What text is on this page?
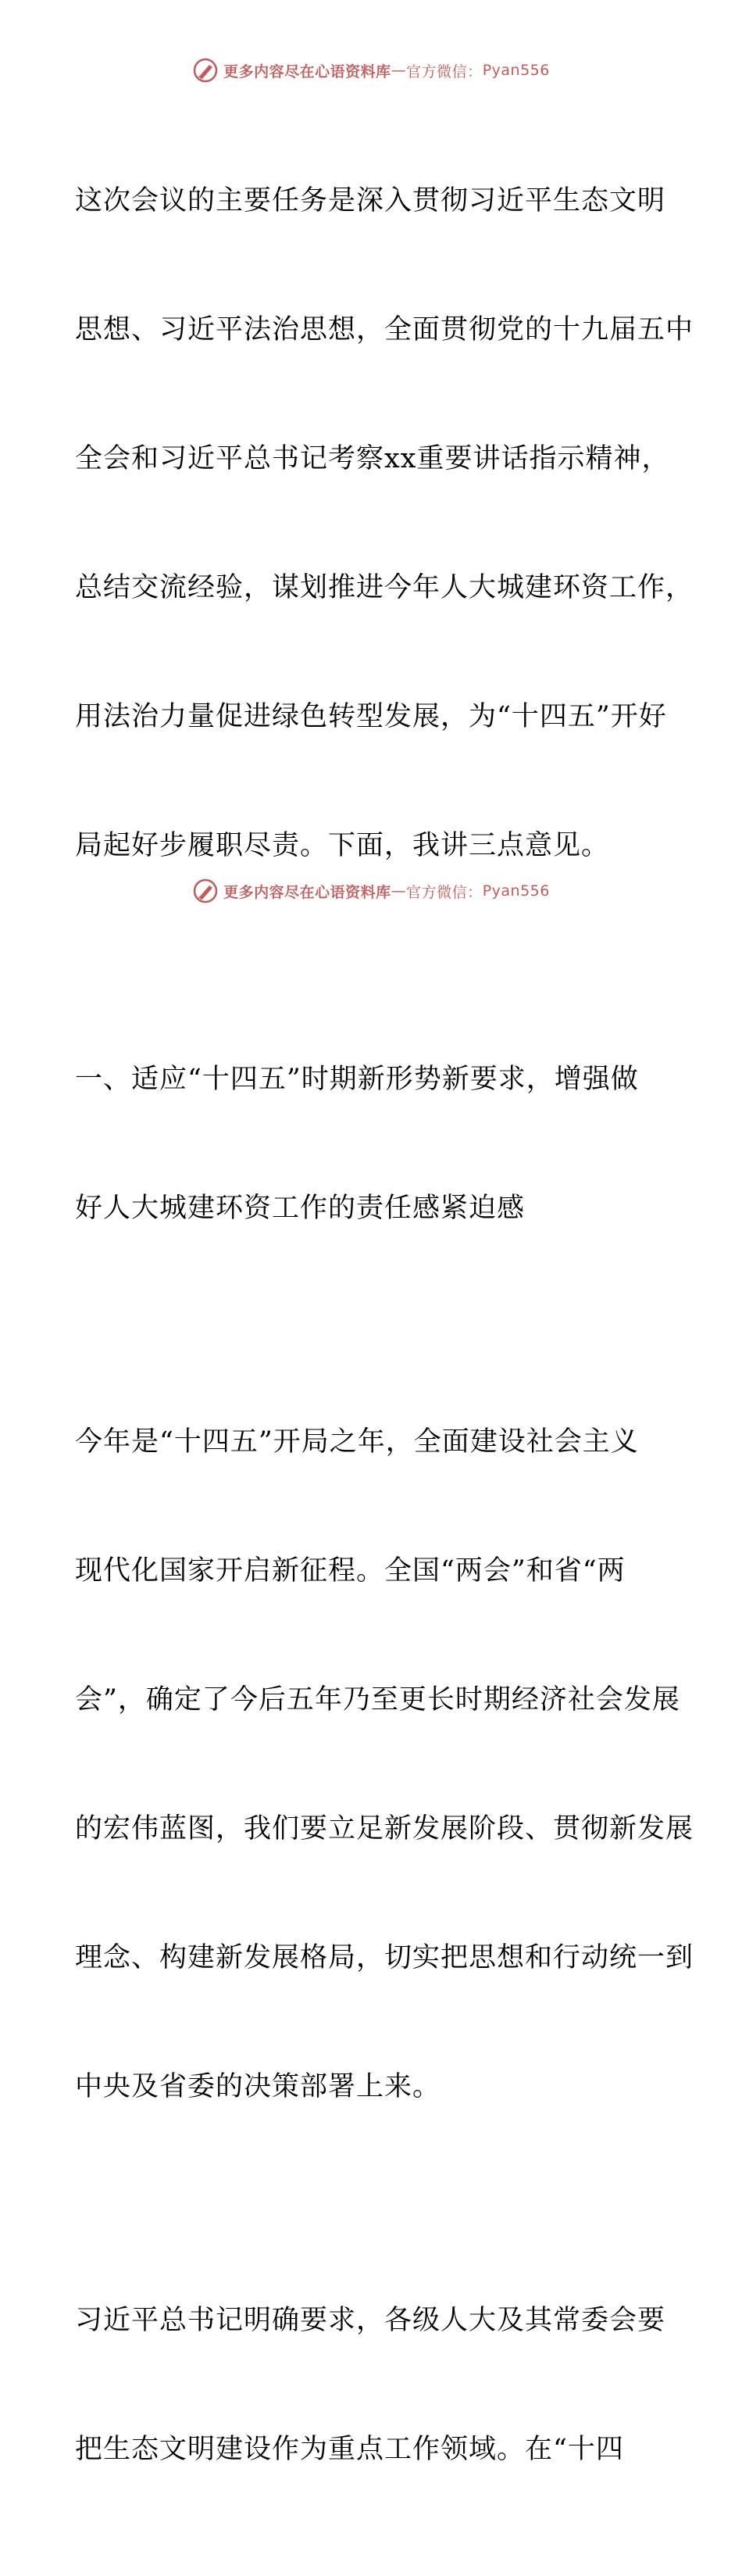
更多内容尽在心语资料库 — 官方微信： Pyan556

这次会议的主要任务是深入贯彻习近平生态文明

思想、习近平法治思想，全面贯彻党的十九届五中

全会和习近平总书记考察xx重要讲话指示精神，

总结交流经验，谋划推进今年人大城建环资工作，

用法治力量促进绿色转型发展，为“十四五”开好

局起好步履职尽责。下面，我讲三点意见。

一、适应“十四五”时期新形势新要求，增强做

好人大城建环资工作的责任感紧迫感

今年是“十四五”开局之年，全面建设社会主义

现代化国家开启新征程。全国“两会”和省“两

会”，确定了今后五年乃至更长时期经济社会发展

的宏伟蓝图，我们要立足新发展阶段、贯彻新发展

理念、构建新发展格局，切实把思想和行动统一到

中央及省委的决策部署上来。

习近平总书记明确要求，各级人大及其常委会要

把生态文明建设作为重点工作领域。在“十四

更多内容尽在心语资料库 — 官方微信： Pyan556
